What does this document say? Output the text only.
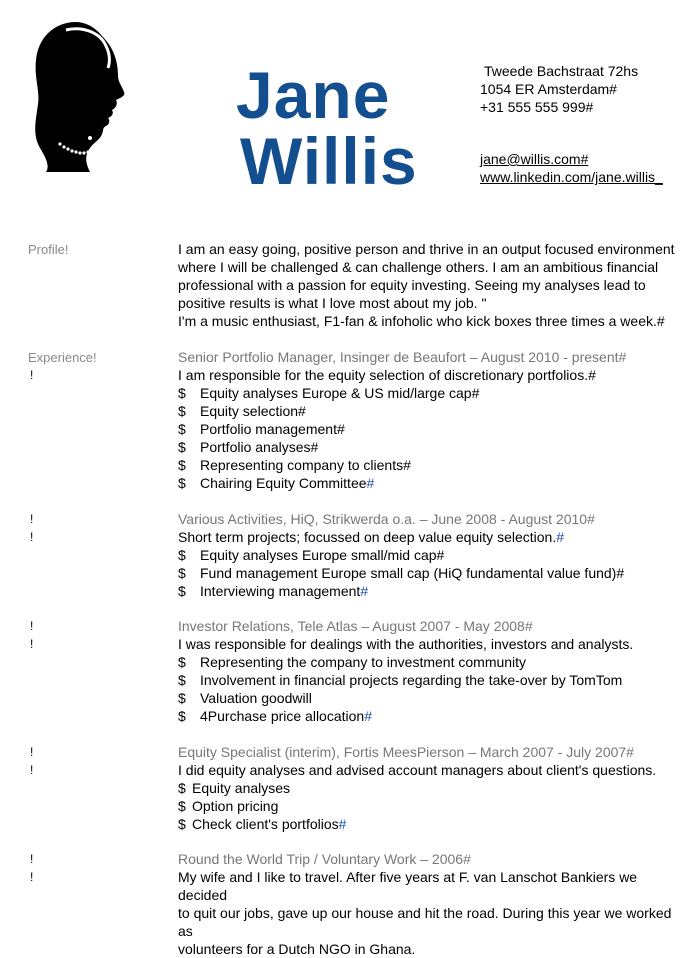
Jane
Willis
Tweede Bachstraat 72hs
1054 ER Amsterdam#
+31 555 555 999#
jane@willis.com#
www.linkedin.com/jane.willis_
Profile!	I am an easy going, positive person and thrive in an output focused environment
where I will be challenged & can challenge others. I am an ambitious financial
professional with a passion for equity investing. Seeing my analyses lead to
positive results is what I love most about my job. "
I'm a music enthusiast, F1-fan & infoholic who kick boxes three times a week.#
Experience!
!
Senior Portfolio Manager, Insinger de Beaufort – August 2010 - present#
I am responsible for the equity selection of discretionary portfolios.#
$ Equity analyses Europe & US mid/large cap#
$ Equity selection#
$ Portfolio management#
$ Portfolio analyses#
$ Representing company to clients#
$ Chairing Equity Committee#
!
!
Various Activities, HiQ, Strikwerda o.a. – June 2008 - August 2010#
Short term projects; focussed on deep value equity selection.#
$ Equity analyses Europe small/mid cap#
$ Fund management Europe small cap (HiQ fundamental value fund)#
$ Interviewing management#
!
!
Investor Relations, Tele Atlas – August 2007 - May 2008#
I was responsible for dealings with the authorities, investors and analysts.
$ Representing the company to investment community
$ Involvement in financial projects regarding the take-over by TomTom
$ Valuation goodwill
$ 4Purchase price allocation#
!
!
Equity Specialist (interim), Fortis MeesPierson – March 2007 - July 2007#
I did equity analyses and advised account managers about client's questions.
$ Equity analyses
$ Option pricing
$ Check client's portfolios#
!
!
Round the World Trip / Voluntary Work – 2006#
My wife and I like to travel. After five years at F. van Lanschot Bankiers we decided
to quit our jobs, gave up our house and hit the road. During this year we worked as
volunteers for a Dutch NGO in Ghana.
